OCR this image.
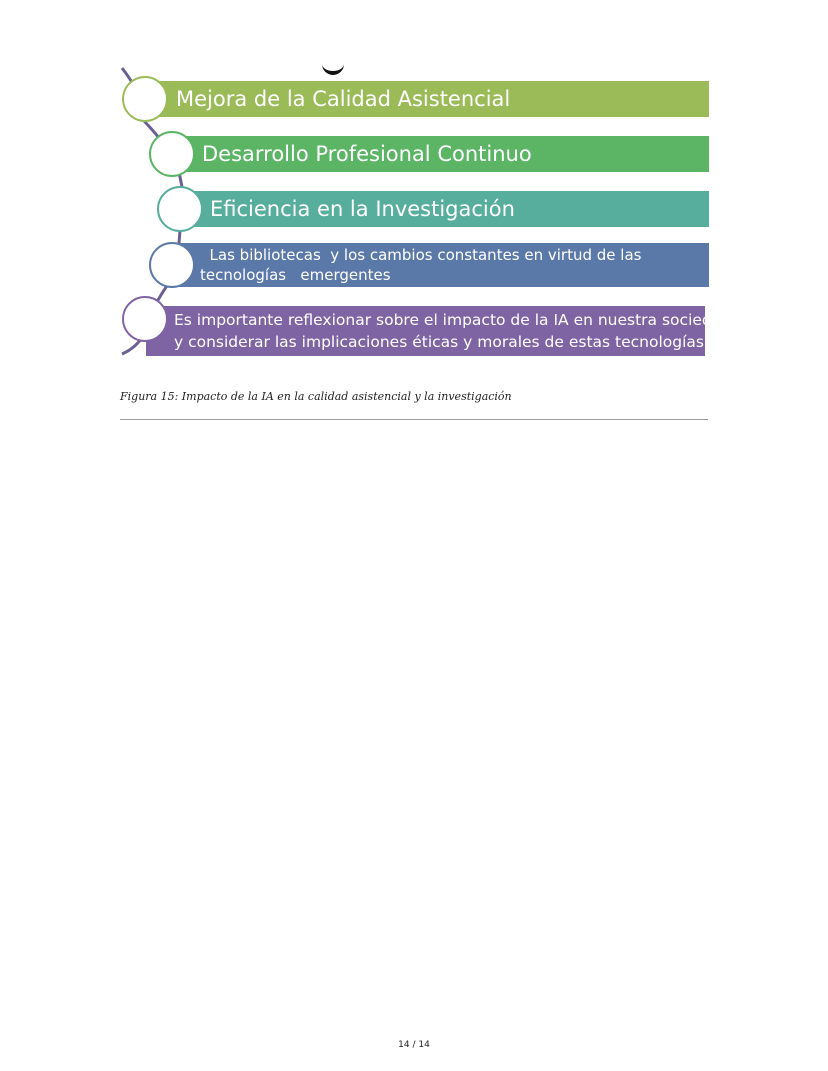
Mejora de la Calidad Asistencial
Desarrollo Profesional Continuo
Eficiencia en la Investigación
Las bibliotecas  y los cambios constantes en virtud de las
tecnologías   emergentes
Es importante reflexionar sobre el impacto de la IA en nuestra sociedad
y considerar las implicaciones éticas y morales de estas tecnologías.
Figura 15: Impacto de la IA en la calidad asistencial y la investigación
14 / 14
